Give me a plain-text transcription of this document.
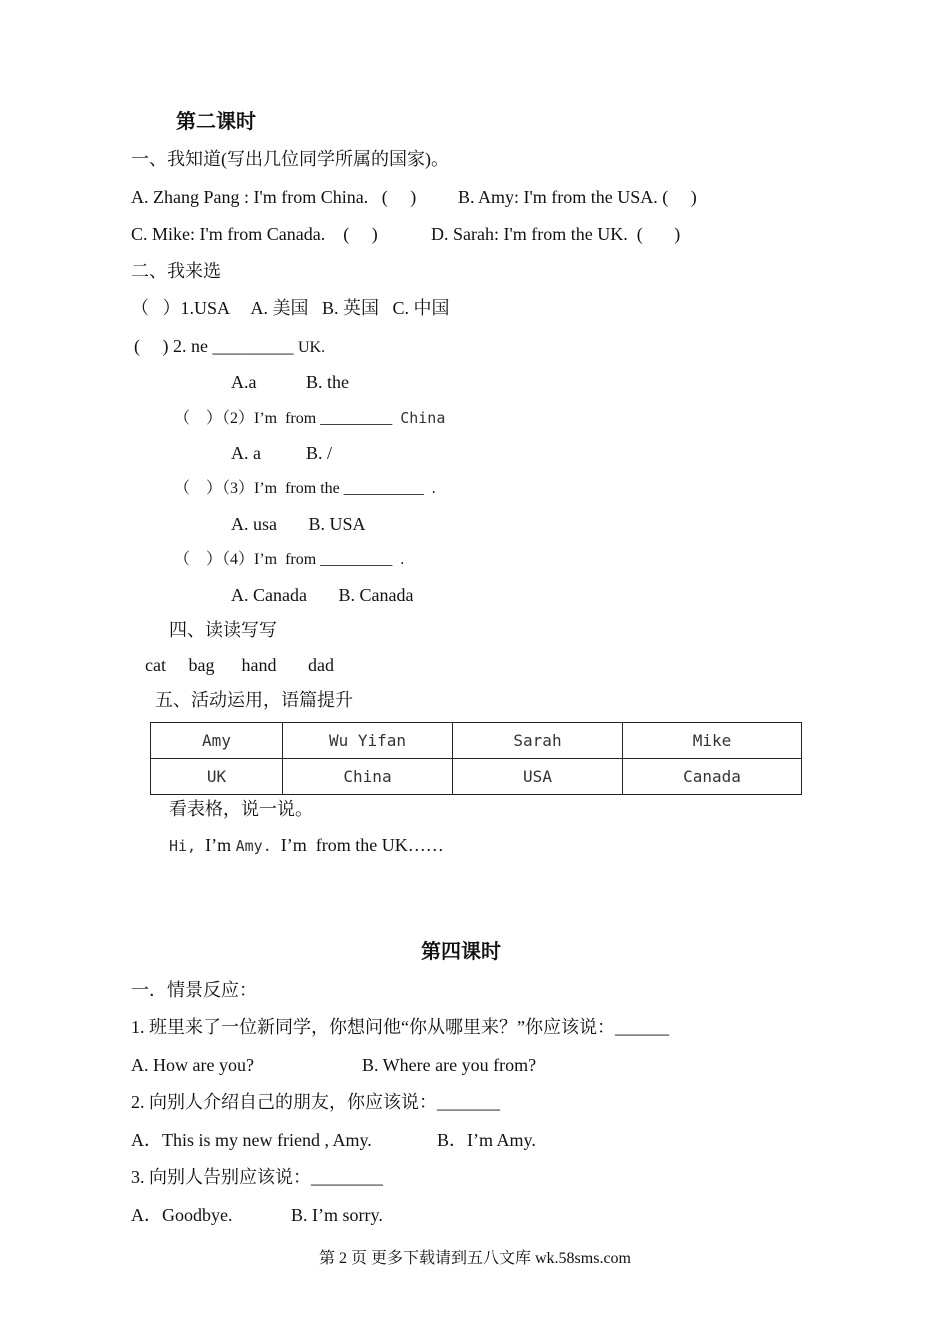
第二课时
一、我知道(写出几位同学所属的国家)。
A. Zhang Pang : I'm from China.   (     ) B. Amy: I'm from the USA. (     )
C. Mike: I'm from Canada.    (     )	D. Sarah: I'm from the UK.  (       )
二、我来选
（   ）1.USA     A. 美国   B. 英国   C. 中国
(     ) 2. ne _________ UK.
A.a           B. the
（    ）（2）I’m  from _________  China
A. a          B. /
（    ）（3）I’m  from the __________  .
A. usa       B. USA
（    ）（4）I’m  from _________  .
A. Canada       B. Canada
四、读读写写
cat     bag      hand       dad
五、活动运用，语篇提升
Amy	Wu Yifan	Sarah	Mike
UK	China	USA	Canada
看表格，说一说。
Hi, I’m Amy. I’m  from the UK……
第四课时
一．情景反应：
1. 班里来了一位新同学，你想问他“你从哪里来？”你应该说：______
A. How are you?	B. Where are you from?
2. 向别人介绍自己的朋友，你应该说：_______
A．This is my new friend , Amy.	B．I’m Amy.
3. 向别人告别应该说：________
A．Goodbye.	B. I’m sorry.
第 2 页 更多下载请到五八文库 wk.58sms.com
